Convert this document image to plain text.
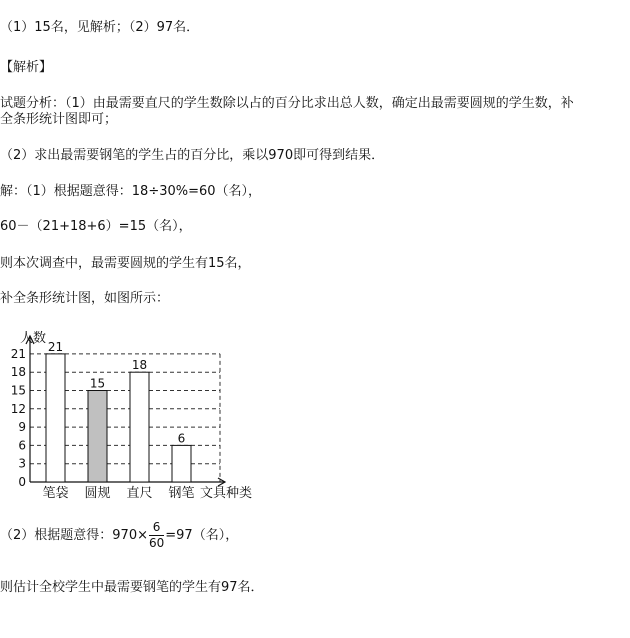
（1）15名，见解析；（2）97名．
【解析】
试题分析：（1）由最需要直尺的学生数除以占的百分比求出总人数，确定出最需要圆规的学生数，补
全条形统计图即可；
（2）求出最需要钢笔的学生占的百分比，乘以970即可得到结果．
解：（1）根据题意得：18÷30%=60（名），
60－（21+18+6）=15（名），
则本次调查中，最需要圆规的学生有15名，
补全条形统计图，如图所示：
0
3
6
9
12
15
18
21
人数
文具种类
21
笔袋
15
圆规
18
直尺
6
钢笔
（2）根据题意得：$970\times \frac{6}{60} =97$（名），
则估计全校学生中最需要钢笔的学生有97名．
